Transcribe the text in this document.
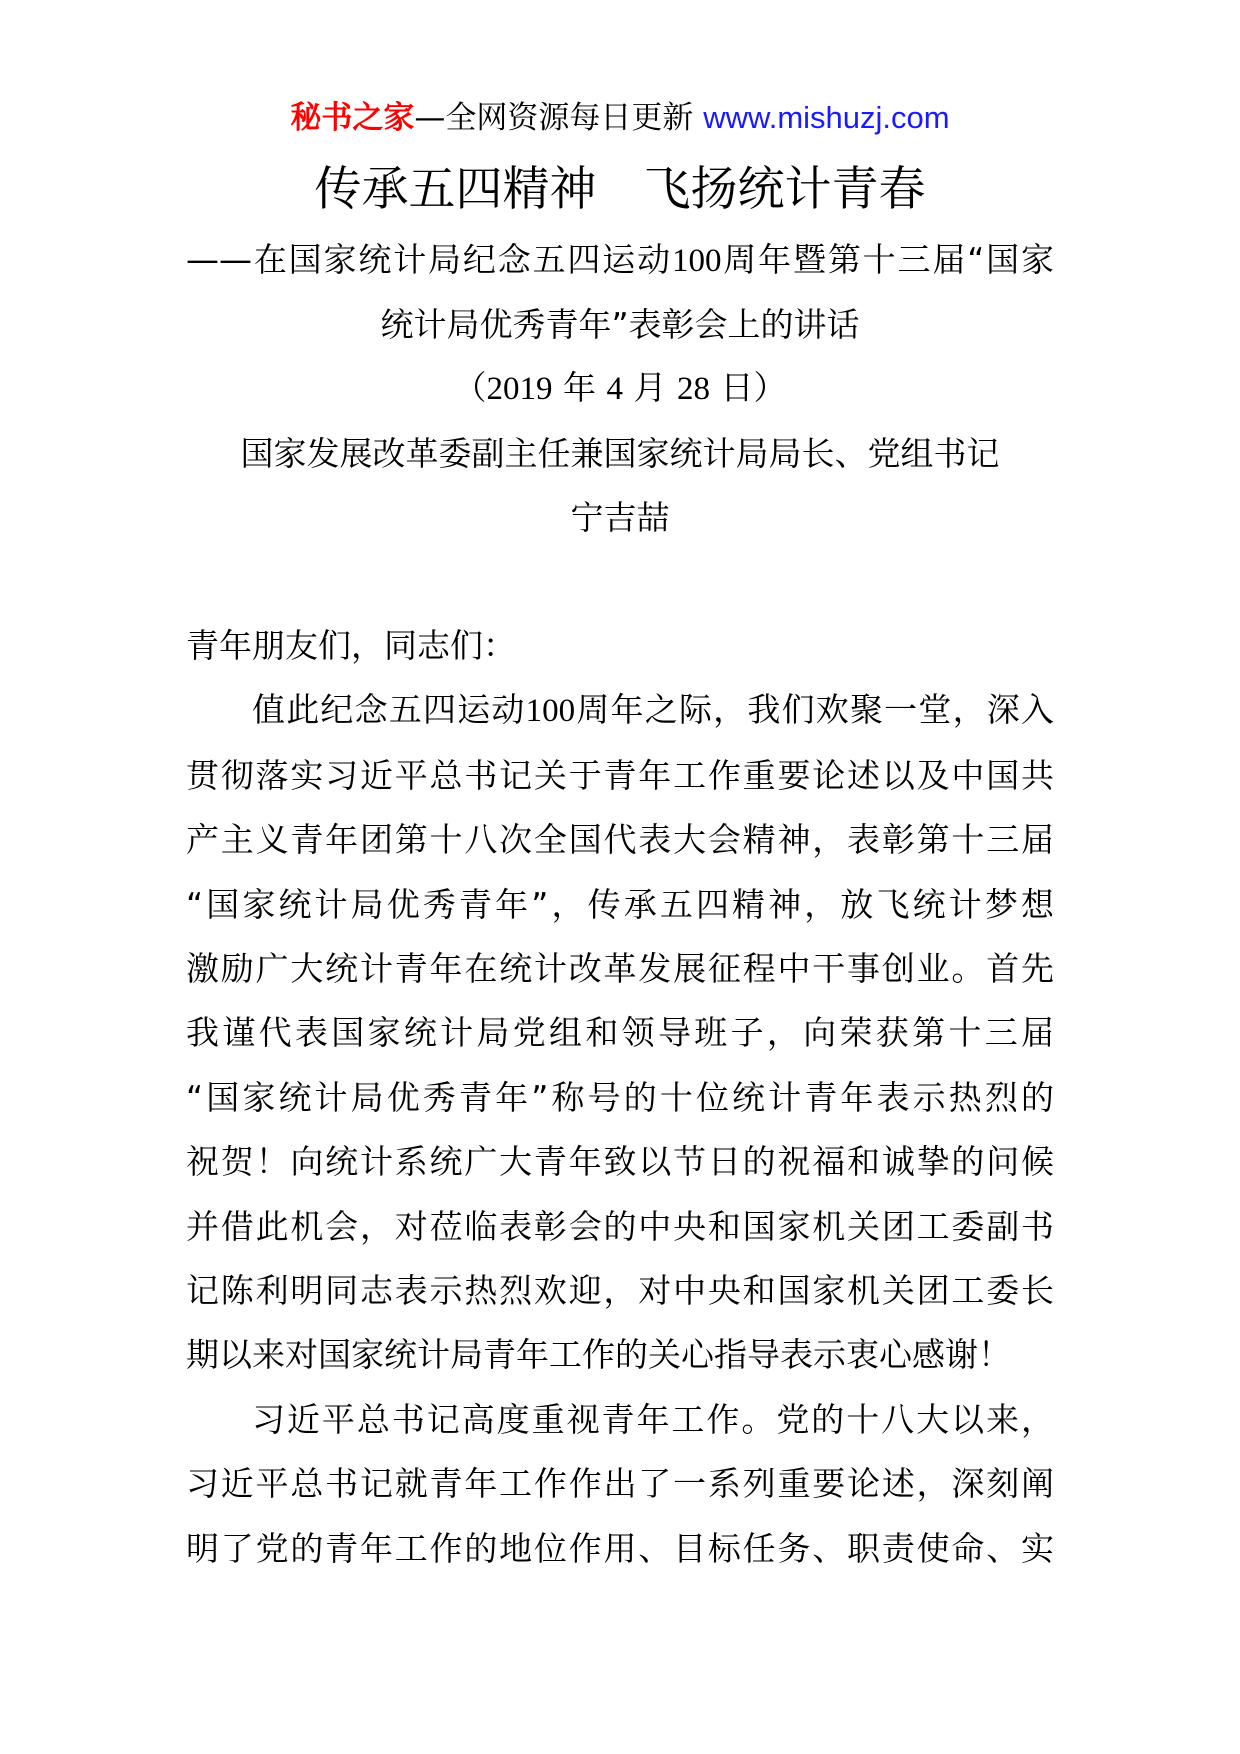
秘书之家—全网资源每日更新 www.mishuzj.com
传承五四精神　飞扬统计青春
——在国家统计局纪念五四运动100周年暨第十三届“国家
统计局优秀青年”表彰会上的讲话
（2019 年 4 月 28 日）
国家发展改革委副主任兼国家统计局局长、党组书记
宁吉喆
青年朋友们，同志们：
值此纪念五四运动100周年之际，我们欢聚一堂，深入
贯彻落实习近平总书记关于青年工作重要论述以及中国共
产主义青年团第十八次全国代表大会精神，表彰第十三届
“国家统计局优秀青年”，传承五四精神，放飞统计梦想
激励广大统计青年在统计改革发展征程中干事创业。首先
我谨代表国家统计局党组和领导班子，向荣获第十三届
“国家统计局优秀青年”称号的十位统计青年表示热烈的
祝贺！向统计系统广大青年致以节日的祝福和诚挚的问候
并借此机会，对莅临表彰会的中央和国家机关团工委副书
记陈利明同志表示热烈欢迎，对中央和国家机关团工委长
期以来对国家统计局青年工作的关心指导表示衷心感谢！
习近平总书记高度重视青年工作。党的十八大以来，
习近平总书记就青年工作作出了一系列重要论述，深刻阐
明了党的青年工作的地位作用、目标任务、职责使命、实
